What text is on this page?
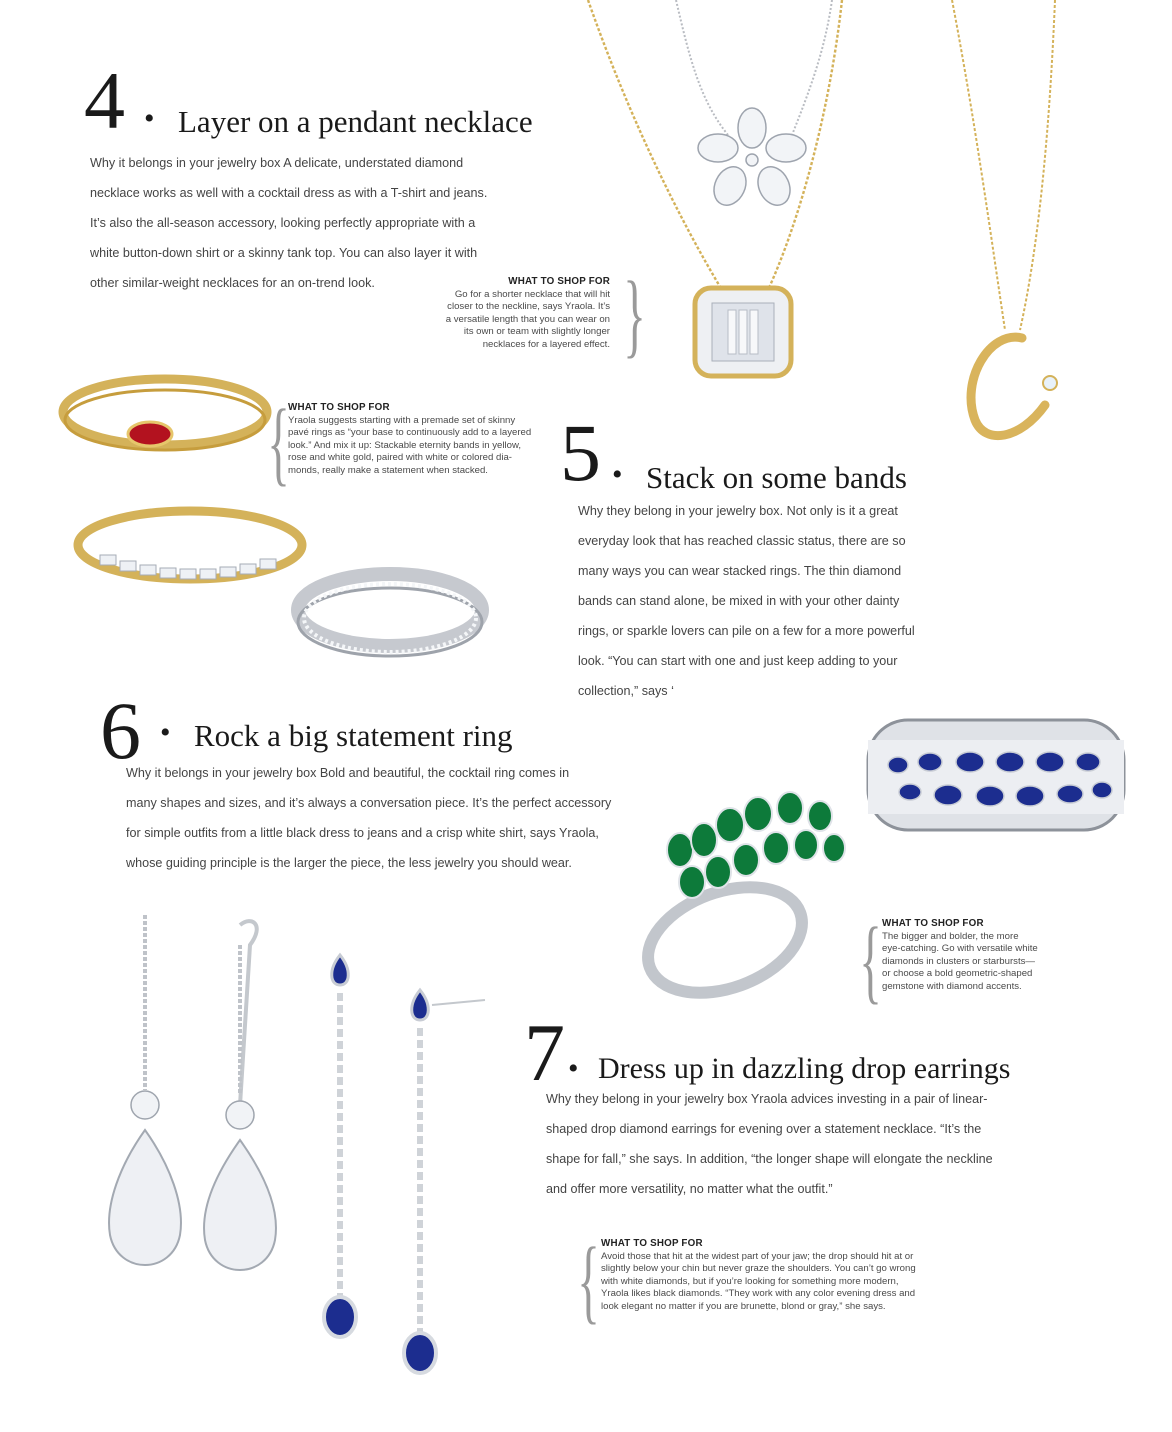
4 • Layer on a pendant necklace
Why it belongs in your jewelry box A delicate, understated diamond
necklace works as well with a cocktail dress as with a T-shirt and jeans.
It’s also the all-season accessory, looking perfectly appropriate with a
white button-down shirt or a skinny tank top. You can also layer it with
other similar-weight necklaces for an on-trend look.	WHAT TO SHOP FOR
Go for a shorter necklace that will hit
closer to the neckline, says Yraola. It’s
a versatile length that you can wear on
its own or team with slightly longer
necklaces for a layered effect. }
{
WHAT TO SHOP FOR
Yraola suggests starting with a premade set of skinny
pavé rings as “your base to continuously add to a layered
look.” And mix it up: Stackable eternity bands in yellow,
rose and white gold, paired with white or colored dia-
monds, really make a statement when stacked. 5 • Stack on some bands
Why they belong in your jewelry box. Not only is it a great
everyday look that has reached classic status, there are so
many ways you can wear stacked rings. The thin diamond
bands can stand alone, be mixed in with your other dainty
rings, or sparkle lovers can pile on a few for a more powerful
look. “You can start with one and just keep adding to your
collection,” says ‘
6 • Rock a big statement ring
Why it belongs in your jewelry box Bold and beautiful, the cocktail ring comes in
many shapes and sizes, and it’s always a conversation piece. It’s the perfect accessory
for simple outfits from a little black dress to jeans and a crisp white shirt, says Yraola,
whose guiding principle is the larger the piece, the less jewelry you should wear.
{ WHAT TO SHOP FOR
The bigger and bolder, the more
eye-catching. Go with versatile white
diamonds in clusters or starbursts—
or choose a bold geometric-shaped
gemstone with diamond accents.
7 • Dress up in dazzling drop earrings
Why they belong in your jewelry box Yraola advices investing in a pair of linear-
shaped drop diamond earrings for evening over a statement necklace. “It’s the
shape for fall,” she says. In addition, “the longer shape will elongate the neckline
and offer more versatility, no matter what the outfit.”
{ WHAT TO SHOP FOR
Avoid those that hit at the widest part of your jaw; the drop should hit at or
slightly below your chin but never graze the shoulders. You can’t go wrong
with white diamonds, but if you’re looking for something more modern,
Yraola likes black diamonds. “They work with any color evening dress and
look elegant no matter if you are brunette, blond or gray,” she says.
